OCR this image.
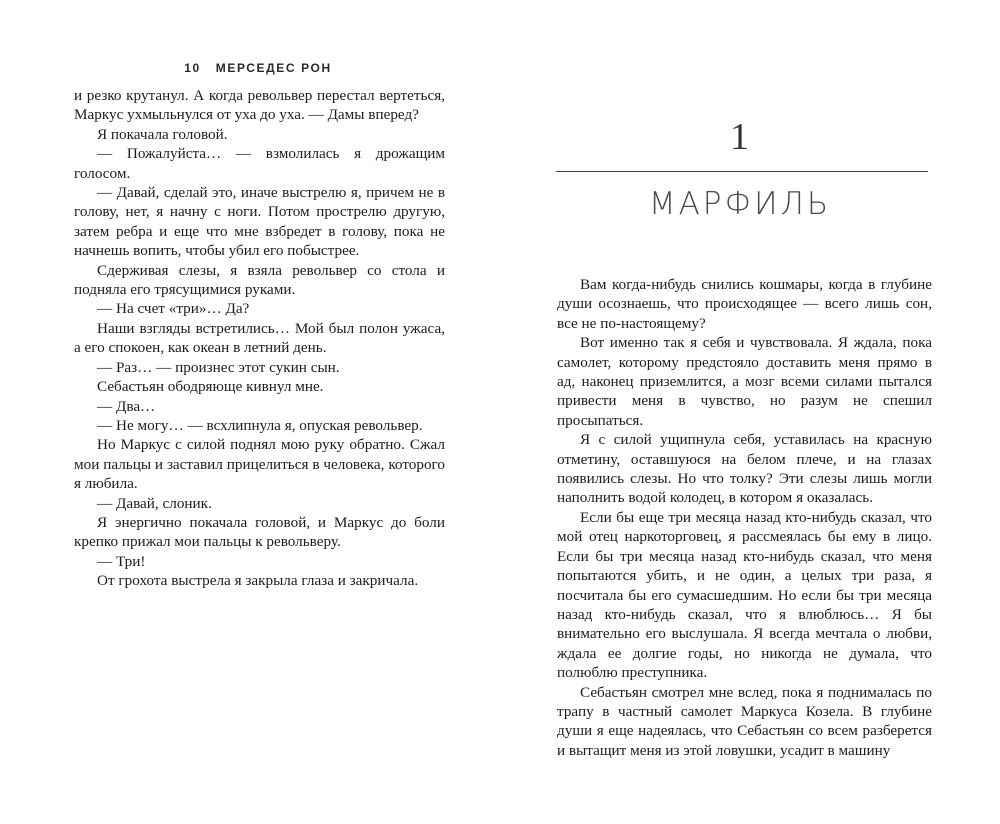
10 МЕРСЕДЕС РОН

и резко крутанул. А когда револьвер перестал вертеться, Маркус ухмыльнулся от уха до уха. — Дамы вперед?

Я покачала головой.

— Пожалуйста… — взмолилась я дрожащим голосом.

— Давай, сделай это, иначе выстрелю я, причем не в голову, нет, я начну с ноги. Потом прострелю другую, затем ребра и еще что мне взбредет в голову, пока не начнешь вопить, чтобы убил его побыстрее.

Сдерживая слезы, я взяла револьвер со стола и подняла его трясущимися руками.

— На счет «три»… Да?

Наши взгляды встретились… Мой был полон ужаса, а его спокоен, как океан в летний день.

— Раз… — произнес этот сукин сын.

Себастьян ободряюще кивнул мне.

— Два…

— Не могу… — всхлипнула я, опуская револьвер.

Но Маркус с силой поднял мою руку обратно. Сжал мои пальцы и заставил прицелиться в человека, которого я любила.

— Давай, слоник.

Я энергично покачала головой, и Маркус до боли крепко прижал мои пальцы к револьверу.

— Три!

От грохота выстрела я закрыла глаза и закричала.

1
МАРФИЛЬ

Вам когда-нибудь снились кошмары, когда в глубине души осознаешь, что происходящее — всего лишь сон, все не по-настоящему?

Вот именно так я себя и чувствовала. Я ждала, пока самолет, которому предстояло доставить меня прямо в ад, наконец приземлится, а мозг всеми силами пытался привести меня в чувство, но разум не спешил просыпаться.

Я с силой ущипнула себя, уставилась на красную отметину, оставшуюся на белом плече, и на глазах появились слезы. Но что толку? Эти слезы лишь могли наполнить водой колодец, в котором я оказалась.

Если бы еще три месяца назад кто-нибудь сказал, что мой отец наркоторговец, я рассмеялась бы ему в лицо. Если бы три месяца назад кто-нибудь сказал, что меня попытаются убить, и не один, а целых три раза, я посчитала бы его сумасшедшим. Но если бы три месяца назад кто-нибудь сказал, что я влюблюсь… Я бы внимательно его выслушала. Я всегда мечтала о любви, ждала ее долгие годы, но никогда не думала, что полюблю преступника.

Себастьян смотрел мне вслед, пока я поднималась по трапу в частный самолет Маркуса Козела. В глубине души я еще надеялась, что Себастьян со всем разберется и вытащит меня из этой ловушки, усадит в машину
